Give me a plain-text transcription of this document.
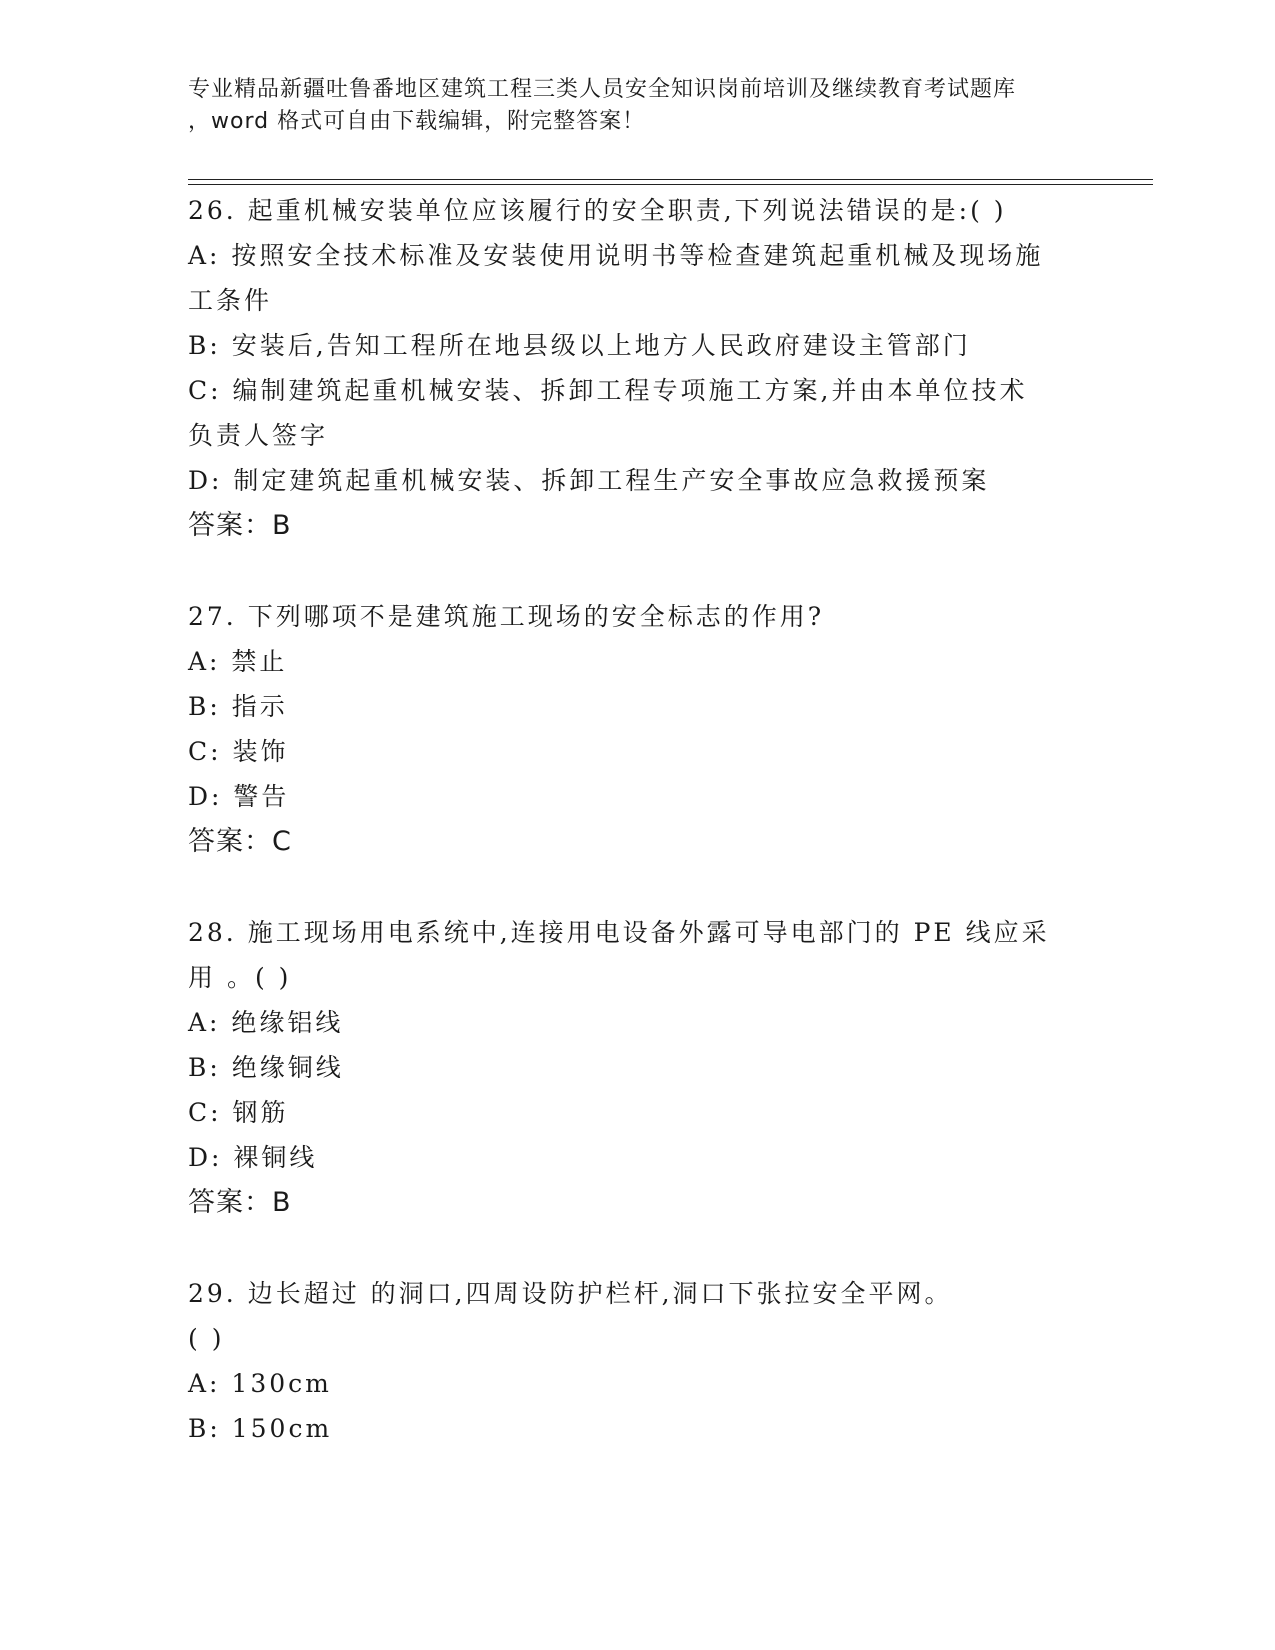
专业精品新疆吐鲁番地区建筑工程三类人员安全知识岗前培训及继续教育考试题库
，word 格式可自由下载编辑，附完整答案！
26. 起重机械安装单位应该履行的安全职责,下列说法错误的是:( )
A: 按照安全技术标准及安装使用说明书等检查建筑起重机械及现场施
工条件
B: 安装后,告知工程所在地县级以上地方人民政府建设主管部门
C: 编制建筑起重机械安装、拆卸工程专项施工方案,并由本单位技术
负责人签字
D: 制定建筑起重机械安装、拆卸工程生产安全事故应急救援预案
答案：B
27. 下列哪项不是建筑施工现场的安全标志的作用?
A: 禁止
B: 指示
C: 装饰
D: 警告
答案：C
28. 施工现场用电系统中,连接用电设备外露可导电部门的 PE 线应采
用 。( )
A: 绝缘铝线
B: 绝缘铜线
C: 钢筋
D: 裸铜线
答案：B
29. 边长超过 的洞口,四周设防护栏杆,洞口下张拉安全平网。
( )
A: 130cm
B: 150cm
